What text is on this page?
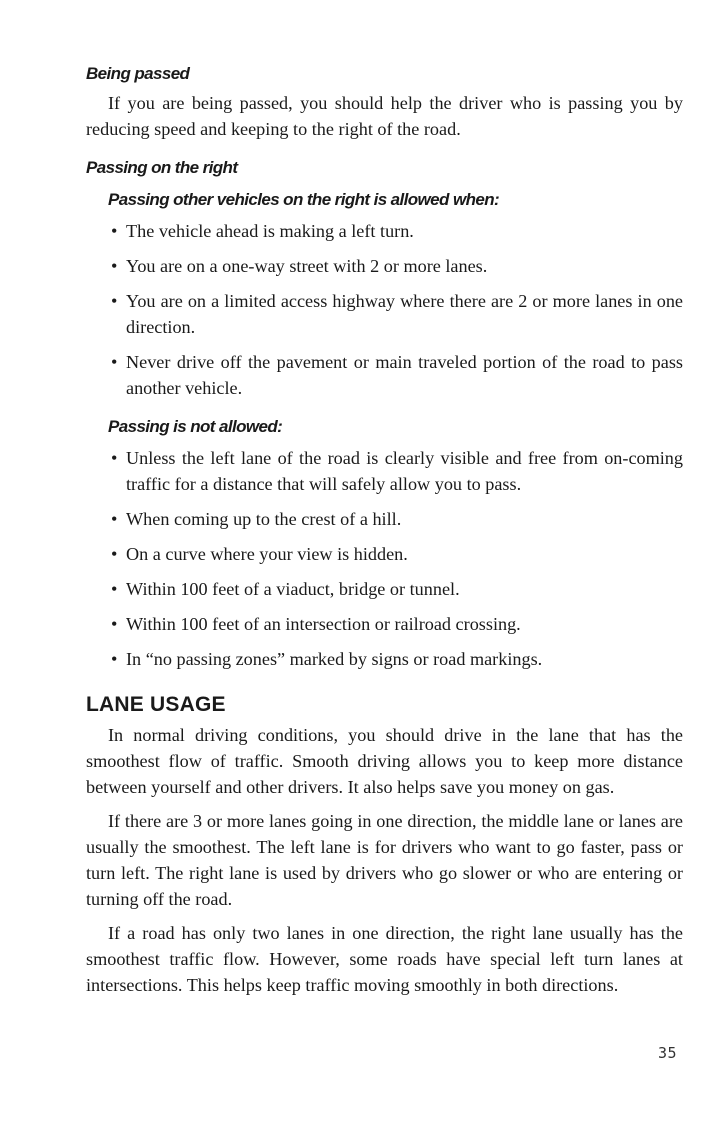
Being passed

If you are being passed, you should help the driver who is passing you by reducing speed and keeping to the right of the road.

Passing on the right
Passing other vehicles on the right is allowed when:
• The vehicle ahead is making a left turn.
• You are on a one-way street with 2 or more lanes.
• You are on a limited access highway where there are 2 or more lanes in one direction.
• Never drive off the pavement or main traveled portion of the road to pass another vehicle.
Passing is not allowed:
• Unless the left lane of the road is clearly visible and free from on-coming traffic for a distance that will safely allow you to pass.
• When coming up to the crest of a hill.
• On a curve where your view is hidden.
• Within 100 feet of a viaduct, bridge or tunnel.
• Within 100 feet of an intersection or railroad crossing.
• In “no passing zones” marked by signs or road markings.
LANE USAGE

In normal driving conditions, you should drive in the lane that has the smoothest flow of traffic. Smooth driving allows you to keep more distance between yourself and other drivers. It also helps save you money on gas.

If there are 3 or more lanes going in one direction, the middle lane or lanes are usually the smoothest. The left lane is for drivers who want to go faster, pass or turn left. The right lane is used by drivers who go slower or who are entering or turning off the road.

If a road has only two lanes in one direction, the right lane usually has the smoothest traffic flow. However, some roads have special left turn lanes at intersections. This helps keep traffic moving smoothly in both directions.

35
